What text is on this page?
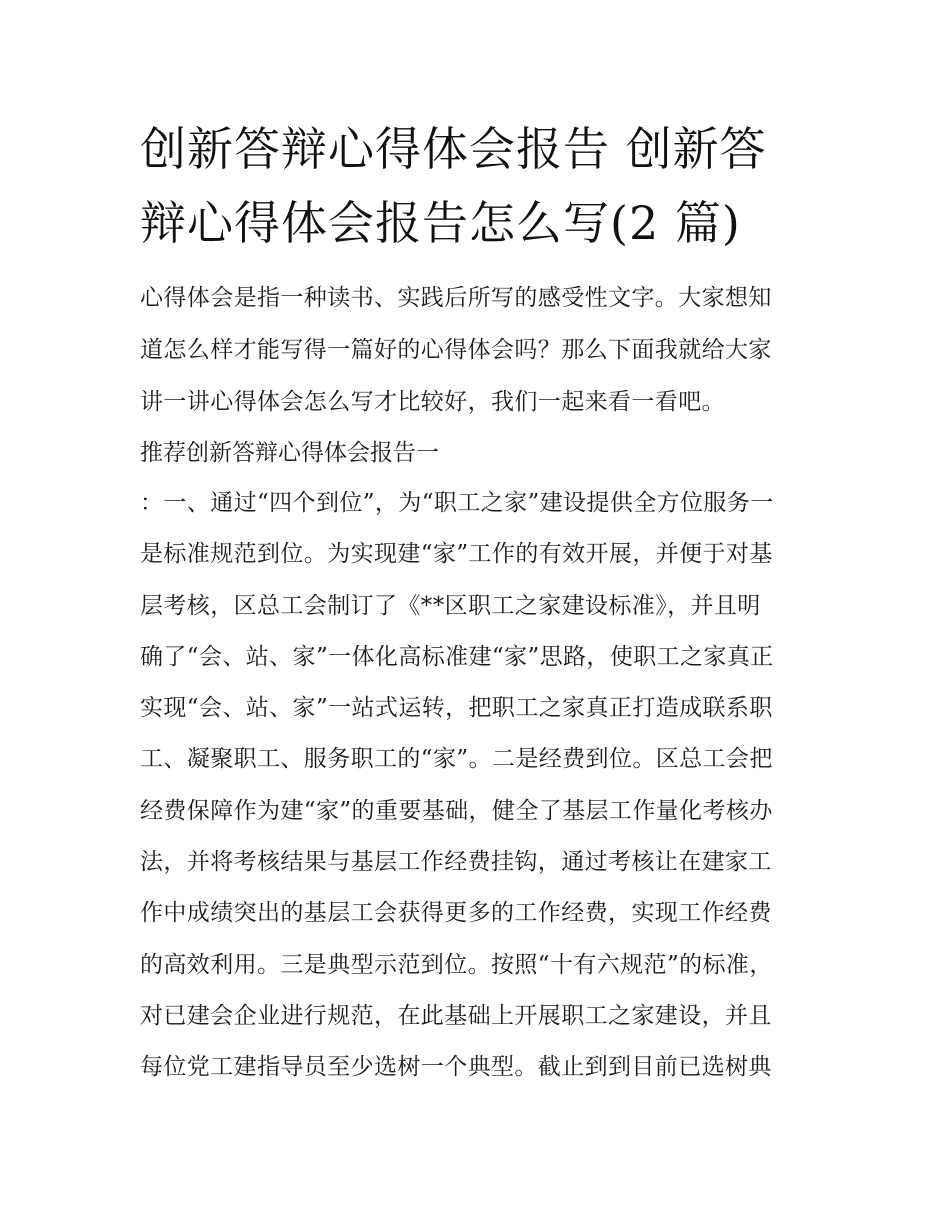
创新答辩心得体会报告 创新答
辩心得体会报告怎么写(2 篇)
心得体会是指一种读书、实践后所写的感受性文字。大家想知
道怎么样才能写得一篇好的心得体会吗？那么下面我就给大家
讲一讲心得体会怎么写才比较好，我们一起来看一看吧。
推荐创新答辩心得体会报告一
：一、通过“四个到位”，为“职工之家”建设提供全方位服务一
是标准规范到位。为实现建“家”工作的有效开展，并便于对基
层考核，区总工会制订了《**区职工之家建设标准》，并且明
确了“会、站、家”一体化高标准建“家”思路，使职工之家真正
实现“会、站、家”一站式运转，把职工之家真正打造成联系职
工、凝聚职工、服务职工的“家”。二是经费到位。区总工会把
经费保障作为建“家”的重要基础，健全了基层工作量化考核办
法，并将考核结果与基层工作经费挂钩，通过考核让在建家工
作中成绩突出的基层工会获得更多的工作经费，实现工作经费
的高效利用。三是典型示范到位。按照“十有六规范”的标准，
对已建会企业进行规范，在此基础上开展职工之家建设，并且
每位党工建指导员至少选树一个典型。截止到到目前已选树典
